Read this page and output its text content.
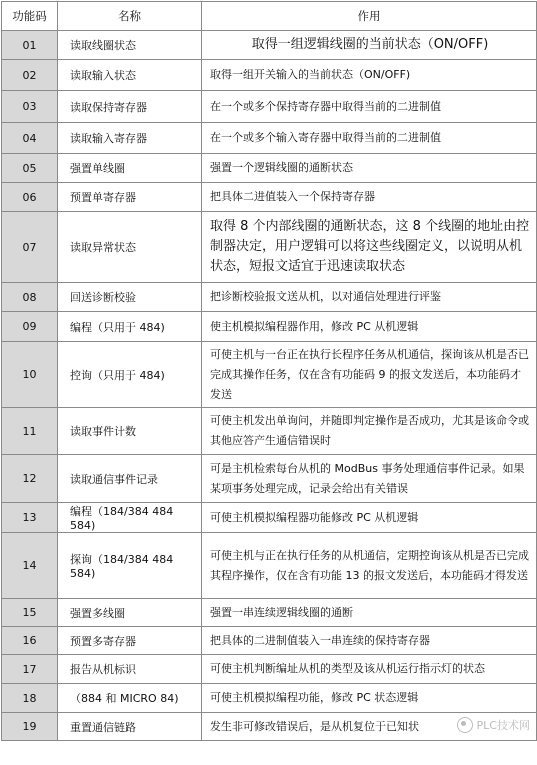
功能码	名称	作用
01	读取线圈状态	取得一组逻辑线圈的当前状态（ON/OFF)
02	读取输入状态	取得一组开关输入的当前状态（ON/OFF)
03	读取保持寄存器	在一个或多个保持寄存器中取得当前的二进制值
04	读取输入寄存器	在一个或多个输入寄存器中取得当前的二进制值
05	强置单线圈	强置一个逻辑线圈的通断状态
06	预置单寄存器	把具体二进值装入一个保持寄存器
07	读取异常状态	取得 8 个内部线圈的通断状态，这 8 个线圈的地址由控制器决定，用户逻辑可以将这些线圈定义，以说明从机状态，短报文适宜于迅速读取状态
08	回送诊断校验	把诊断校验报文送从机，以对通信处理进行评鉴
09	编程（只用于 484)	使主机模拟编程器作用，修改 PC 从机逻辑
10	控询（只用于 484)	可使主机与一台正在执行长程序任务从机通信，探询该从机是否已完成其操作任务，仅在含有功能码 9 的报文发送后，本功能码才发送
11	读取事件计数	可使主机发出单询问，并随即判定操作是否成功，尤其是该命令或其他应答产生通信错误时
12	读取通信事件记录	可是主机检索每台从机的 ModBus 事务处理通信事件记录。如果某项事务处理完成，记录会给出有关错误
13	编程（184/384 484 584)	可使主机模拟编程器功能修改 PC 从机逻辑
14	探询（184/384 484 584)	可使主机与正在执行任务的从机通信，定期控询该从机是否已完成其程序操作，仅在含有功能 13 的报文发送后，本功能码才得发送
15	强置多线圈	强置一串连续逻辑线圈的通断
16	预置多寄存器	把具体的二进制值装入一串连续的保持寄存器
17	报告从机标识	可使主机判断编址从机的类型及该从机运行指示灯的状态
18	（884 和 MICRO 84)	可使主机模拟编程功能，修改 PC 状态逻辑
19	重置通信链路	发生非可修改错误后，是从机复位于已知状	PLC技术网
